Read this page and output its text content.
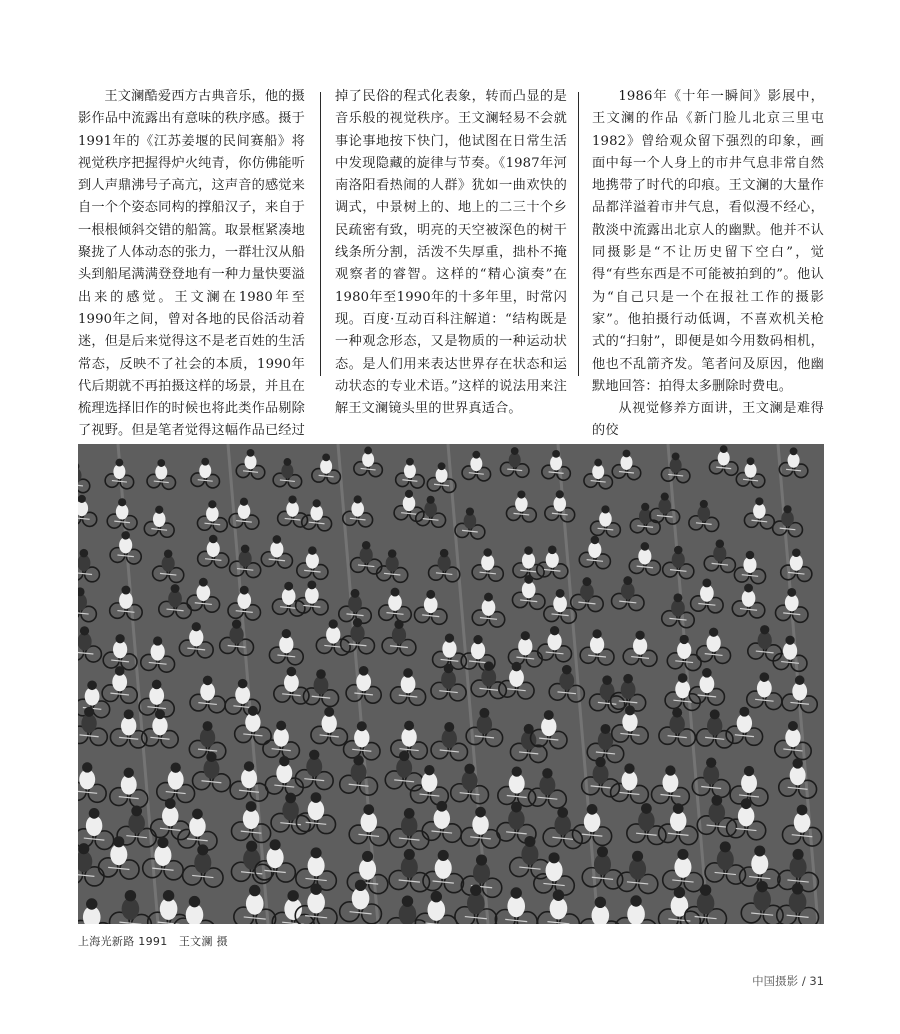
王文澜酷爱西方古典音乐，他的摄影作品中流露出有意味的秩序感。摄于1991年的《江苏姜堰的民间赛船》将视觉秩序把握得炉火纯青，你仿佛能听到人声鼎沸号子高亢，这声音的感觉来自一个个姿态同构的撑船汉子，来自于一根根倾斜交错的船篙。取景框紧凑地聚拢了人体动态的张力，一群壮汉从船头到船尾满满登登地有一种力量快要溢出来的感觉。王文澜在1980年至1990年之间，曾对各地的民俗活动着迷，但是后来觉得这不是老百姓的生活常态，反映不了社会的本质，1990年代后期就不再拍摄这样的场景，并且在梳理选择旧作的时候也将此类作品剔除了视野。但是笔者觉得这幅作品已经过

掉了民俗的程式化表象，转而凸显的是音乐般的视觉秩序。王文澜轻易不会就事论事地按下快门，他试图在日常生活中发现隐藏的旋律与节奏。《1987年河南洛阳看热闹的人群》犹如一曲欢快的调式，中景树上的、地上的二三十个乡民疏密有致，明亮的天空被深色的树干线条所分割，活泼不失厚重，拙朴不掩观察者的睿智。这样的“精心演奏”在1980年至1990年的十多年里，时常闪现。百度·互动百科注解道：“结构既是一种观念形态，又是物质的一种运动状态。是人们用来表达世界存在状态和运动状态的专业术语。”这样的说法用来注解王文澜镜头里的世界真适合。

1986年《十年一瞬间》影展中，王文澜的作品《新门脸儿北京三里屯1982》曾给观众留下强烈的印象，画面中每一个人身上的市井气息非常自然地携带了时代的印痕。王文澜的大量作品都洋溢着市井气息，看似漫不经心，散淡中流露出北京人的幽默。他并不认同摄影是“不让历史留下空白”，觉得“有些东西是不可能被拍到的”。他认为“自己只是一个在报社工作的摄影家”。他拍摄行动低调，不喜欢机关枪式的“扫射”，即便是如今用数码相机，他也不乱箭齐发。笔者问及原因，他幽默地回答：拍得太多删除时费电。

从视觉修养方面讲，王文澜是难得的佼

上海光新路 1991   王文澜 摄
中国摄影 / 31
